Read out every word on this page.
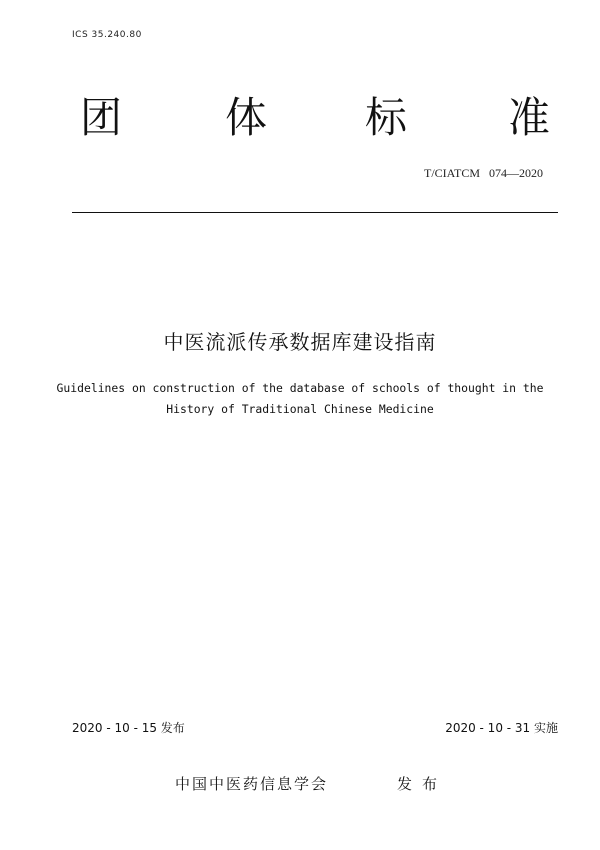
ICS 35.240.80
团 体 标 准
T/CIATCM   074—2020
中医流派传承数据库建设指南
Guidelines on construction of the database of schools of thought in the
History of Traditional Chinese Medicine
2020 - 10 - 15 发布	2020 - 10 - 31 实施
中国中医药信息学会	发布
